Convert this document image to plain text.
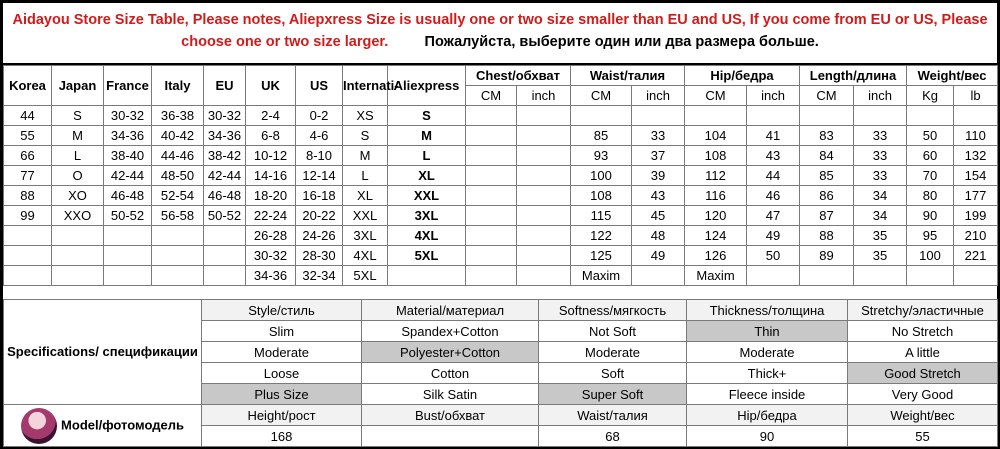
Aidayou Store Size Table, Please notes, Aliepxress Size is usually one or two size smaller than EU and US, If you come from EU or US, Please
choose one or two size larger.	Пожалуйста, выберите один или два размера больше.
Korea	Japan	France	Italy	EU	UK	US	Internati-	Aliexpress	Chest/обхват		Waist/талия		Hip/бедра		Length/длина		Weight/вес	
									CM	inch	CM	inch	CM	inch	CM	inch	Kg	lb
44	S	30-32	36-38	30-32	2-4	0-2	XS	S										
55	M	34-36	40-42	34-36	6-8	4-6	S	M			85	33	104	41	83	33	50	110
66	L	38-40	44-46	38-42	10-12	8-10	M	L			93	37	108	43	84	33	60	132
77	O	42-44	48-50	42-44	14-16	12-14	L	XL			100	39	112	44	85	33	70	154
88	XO	46-48	52-54	46-48	18-20	16-18	XL	XXL			108	43	116	46	86	34	80	177
99	XXO	50-52	56-58	50-52	22-24	20-22	XXL	3XL			115	45	120	47	87	34	90	199
					26-28	24-26	3XL	4XL			122	48	124	49	88	35	95	210
					30-32	28-30	4XL	5XL			125	49	126	50	89	35	100	221
					34-36	32-34	5XL				Maxim		Maxim					
Specifications/ спецификации	Style/стиль	Material/материал	Softness/мягкость	Thickness/толщина	Stretchy/эластичные
	Slim	Spandex+Cotton	Not Soft	Thin	No Stretch
	Moderate	Polyester+Cotton	Moderate	Moderate	A little
	Loose	Cotton	Soft	Thick+	Good Stretch
	Plus Size	Silk Satin	Super Soft	Fleece inside	Very Good
Model/фотомодель	Height/рост	Bust/обхват	Waist/талия	Hip/бедра	Weight/вес
	168		68	90	55
